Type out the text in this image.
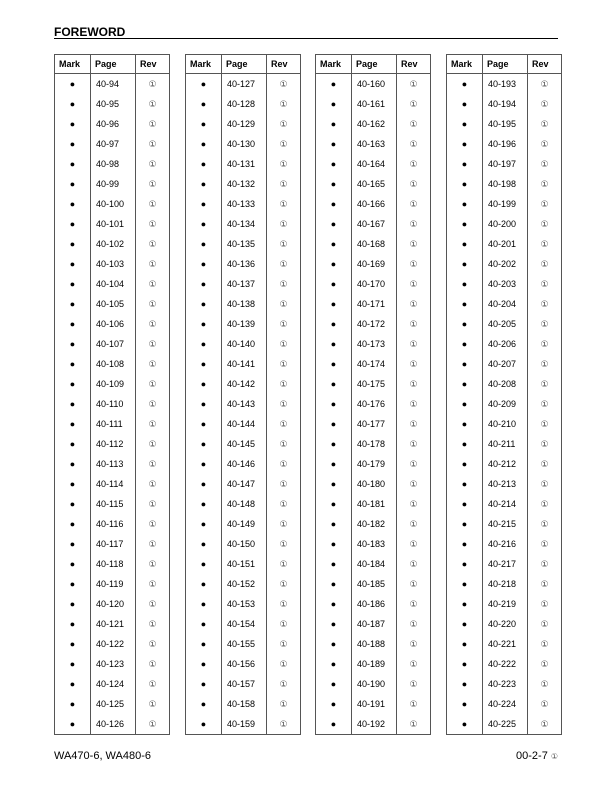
FOREWORD
Mark	Page	Rev
●	40-94	①
●	40-95	①
●	40-96	①
●	40-97	①
●	40-98	①
●	40-99	①
●	40-100	①
●	40-101	①
●	40-102	①
●	40-103	①
●	40-104	①
●	40-105	①
●	40-106	①
●	40-107	①
●	40-108	①
●	40-109	①
●	40-110	①
●	40-111	①
●	40-112	①
●	40-113	①
●	40-114	①
●	40-115	①
●	40-116	①
●	40-117	①
●	40-118	①
●	40-119	①
●	40-120	①
●	40-121	①
●	40-122	①
●	40-123	①
●	40-124	①
●	40-125	①
●	40-126	①
Mark	Page	Rev
●	40-127	①
●	40-128	①
●	40-129	①
●	40-130	①
●	40-131	①
●	40-132	①
●	40-133	①
●	40-134	①
●	40-135	①
●	40-136	①
●	40-137	①
●	40-138	①
●	40-139	①
●	40-140	①
●	40-141	①
●	40-142	①
●	40-143	①
●	40-144	①
●	40-145	①
●	40-146	①
●	40-147	①
●	40-148	①
●	40-149	①
●	40-150	①
●	40-151	①
●	40-152	①
●	40-153	①
●	40-154	①
●	40-155	①
●	40-156	①
●	40-157	①
●	40-158	①
●	40-159	①
Mark	Page	Rev
●	40-160	①
●	40-161	①
●	40-162	①
●	40-163	①
●	40-164	①
●	40-165	①
●	40-166	①
●	40-167	①
●	40-168	①
●	40-169	①
●	40-170	①
●	40-171	①
●	40-172	①
●	40-173	①
●	40-174	①
●	40-175	①
●	40-176	①
●	40-177	①
●	40-178	①
●	40-179	①
●	40-180	①
●	40-181	①
●	40-182	①
●	40-183	①
●	40-184	①
●	40-185	①
●	40-186	①
●	40-187	①
●	40-188	①
●	40-189	①
●	40-190	①
●	40-191	①
●	40-192	①
Mark	Page	Rev
●	40-193	①
●	40-194	①
●	40-195	①
●	40-196	①
●	40-197	①
●	40-198	①
●	40-199	①
●	40-200	①
●	40-201	①
●	40-202	①
●	40-203	①
●	40-204	①
●	40-205	①
●	40-206	①
●	40-207	①
●	40-208	①
●	40-209	①
●	40-210	①
●	40-211	①
●	40-212	①
●	40-213	①
●	40-214	①
●	40-215	①
●	40-216	①
●	40-217	①
●	40-218	①
●	40-219	①
●	40-220	①
●	40-221	①
●	40-222	①
●	40-223	①
●	40-224	①
●	40-225	①
WA470-6, WA480-6	00-2-7 ①
